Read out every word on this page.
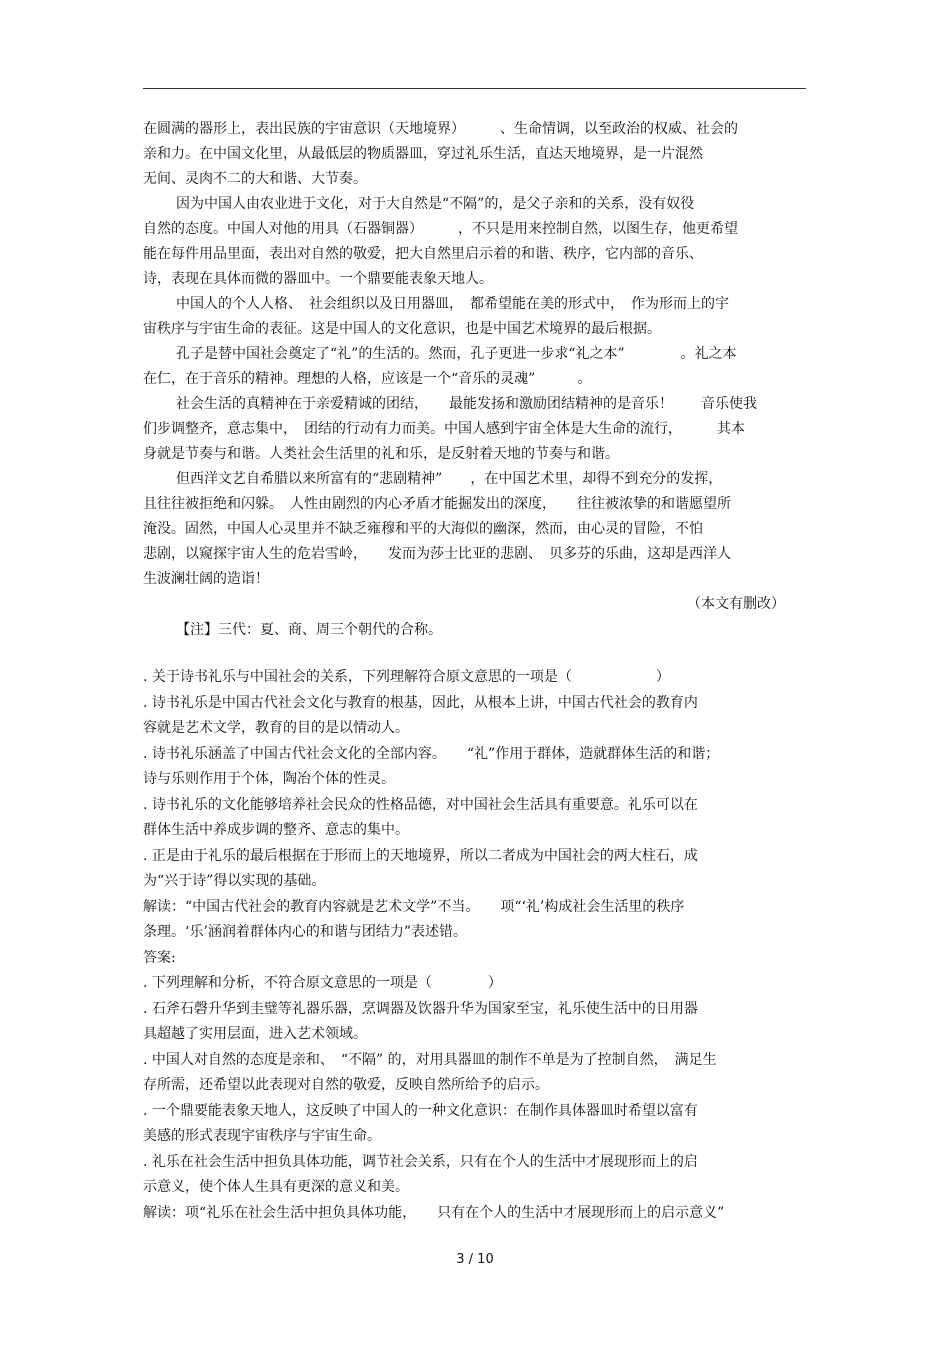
在圆满的器形上，表出民族的宇宙意识（天地境界）　　　、生命情调，以至政治的权威、社会的
亲和力。在中国文化里，从最低层的物质器皿，穿过礼乐生活，直达天地境界，是一片混然
无间、灵肉不二的大和谐、大节奏。
因为中国人由农业进于文化，对于大自然是“不隔”的，是父子亲和的关系，没有奴役
自然的态度。中国人对他的用具（石器铜器）　　　，不只是用来控制自然，以图生存，他更希望
能在每件用品里面，表出对自然的敬爱，把大自然里启示着的和谐、秩序，它内部的音乐、
诗，表现在具体而微的器皿中。一个鼎要能表象天地人。
中国人的个人人格、　社会组织以及日用器皿，　都希望能在美的形式中，　作为形而上的宇
宙秩序与宇宙生命的表征。这是中国人的文化意识，也是中国艺术境界的最后根据。
孔子是替中国社会奠定了“礼”的生活的。然而，孔子更进一步求“礼之本”　　　　。礼之本
在仁，在于音乐的精神。理想的人格，应该是一个“音乐的灵魂”　　　。
社会生活的真精神在于亲爱精诚的团结，　　最能发扬和激励团结精神的是音乐！　　音乐使我
们步调整齐，意志集中，　团结的行动有力而美。中国人感到宇宙全体是大生命的流行，　　　其本
身就是节奏与和谐。人类社会生活里的礼和乐，是反射着天地的节奏与和谐。
但西洋文艺自希腊以来所富有的“悲剧精神”　　，在中国艺术里，却得不到充分的发挥，
且往往被拒绝和闪躲。　人性由剧烈的内心矛盾才能掘发出的深度，　　往往被浓挚的和谐愿望所
淹没。固然，中国人心灵里并不缺乏雍穆和平的大海似的幽深，然而，由心灵的冒险，不怕
悲剧，以窥探宇宙人生的危岩雪岭，　　发而为莎士比亚的悲剧、　贝多芬的乐曲，这却是西洋人
生波澜壮阔的造诣！
（本文有删改）
【注】三代：夏、商、周三个朝代的合称。
. 关于诗书礼乐与中国社会的关系，下列理解符合原文意思的一项是（　　　　　　）
. 诗书礼乐是中国古代社会文化与教育的根基，因此，从根本上讲，中国古代社会的教育内
容就是艺术文学，教育的目的是以情动人。
. 诗书礼乐涵盖了中国古代社会文化的全部内容。　　“礼”作用于群体，造就群体生活的和谐；
诗与乐则作用于个体，陶冶个体的性灵。
. 诗书礼乐的文化能够培养社会民众的性格品德，对中国社会生活具有重要意。礼乐可以在
群体生活中养成步调的整齐、意志的集中。
. 正是由于礼乐的最后根据在于形而上的天地境界，所以二者成为中国社会的两大柱石，成
为“兴于诗”得以实现的基础。
解读：“中国古代社会的教育内容就是艺术文学”不当。　　项“‘礼’构成社会生活里的秩序
条理。‘乐’涵润着群体内心的和谐与团结力”表述错。
答案:
. 下列理解和分析，不符合原文意思的一项是（　　　　）
. 石斧石磬升华到圭璧等礼器乐器，烹调器及饮器升华为国家至宝，礼乐使生活中的日用器
具超越了实用层面，进入艺术领域。
. 中国人对自然的态度是亲和、　“不隔” 的，对用具器皿的制作不单是为了控制自然，　满足生
存所需，还希望以此表现对自然的敬爱，反映自然所给予的启示。
. 一个鼎要能表象天地人，这反映了中国人的一种文化意识：在制作具体器皿时希望以富有
美感的形式表现宇宙秩序与宇宙生命。
. 礼乐在社会生活中担负具体功能，调节社会关系，只有在个人的生活中才展现形而上的启
示意义，使个体人生具有更深的意义和美。
解读：项“礼乐在社会生活中担负具体功能，　　只有在个人的生活中才展现形而上的启示意义”
3 / 10
